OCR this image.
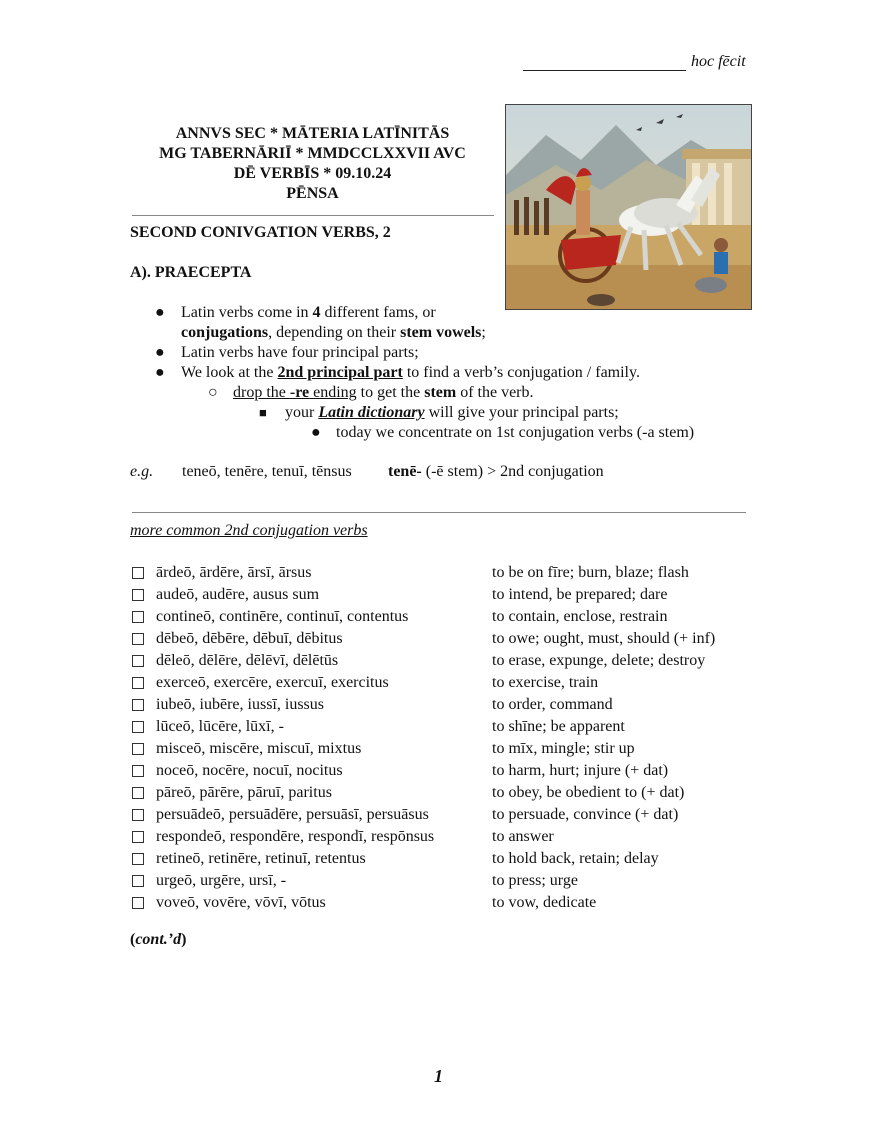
hoc fēcit
ANNVS SEC * MĀTERIA LATĪNITĀS
MG TABERNĀRIĪ * MMDCCLXXVII AVC
DĒ VERBĪS * 09.10.24
PĒNSA
SECOND CONIVGATION VERBS, 2
A). PRAECEPTA
● Latin verbs come in 4 different fams, or
conjugations, depending on their stem vowels;
● Latin verbs have four principal parts;
● We look at the 2nd principal part to find a verb’s conjugation / family.
○ drop the -re ending to get the stem of the verb.
■ your Latin dictionary will give your principal parts;
● today we concentrate on 1st conjugation verbs (-a stem)
e.g. teneō, tenēre, tenuī, tēnsus tenē- (-ē stem) > 2nd conjugation
more common 2nd conjugation verbs
ārdeō, ārdēre, ārsī, ārsus	to be on fīre; burn, blaze; flash
audeō, audēre, ausus sum	to intend, be prepared; dare
contineō, continēre, continuī, contentus	to contain, enclose, restrain
dēbeō, dēbēre, dēbuī, dēbitus	to owe; ought, must, should (+ inf)
dēleō, dēlēre, dēlēvī, dēlētūs	to erase, expunge, delete; destroy
exerceō, exercēre, exercuī, exercitus	to exercise, train
iubeō, iubēre, iussī, iussus	to order, command
lūceō, lūcēre, lūxī, -	to shīne; be apparent
misceō, miscēre, miscuī, mixtus	to mīx, mingle; stir up
noceō, nocēre, nocuī, nocitus	to harm, hurt; injure (+ dat)
pāreō, pārēre, pāruī, paritus	to obey, be obedient to (+ dat)
persuādeō, persuādēre, persuāsī, persuāsus	to persuade, convince (+ dat)
respondeō, respondēre, respondī, respōnsus	to answer
retineō, retinēre, retinuī, retentus	to hold back, retain; delay
urgeō, urgēre, ursī, -	to press; urge
voveō, vovēre, vōvī, vōtus	to vow, dedicate
(cont.’d)
1
